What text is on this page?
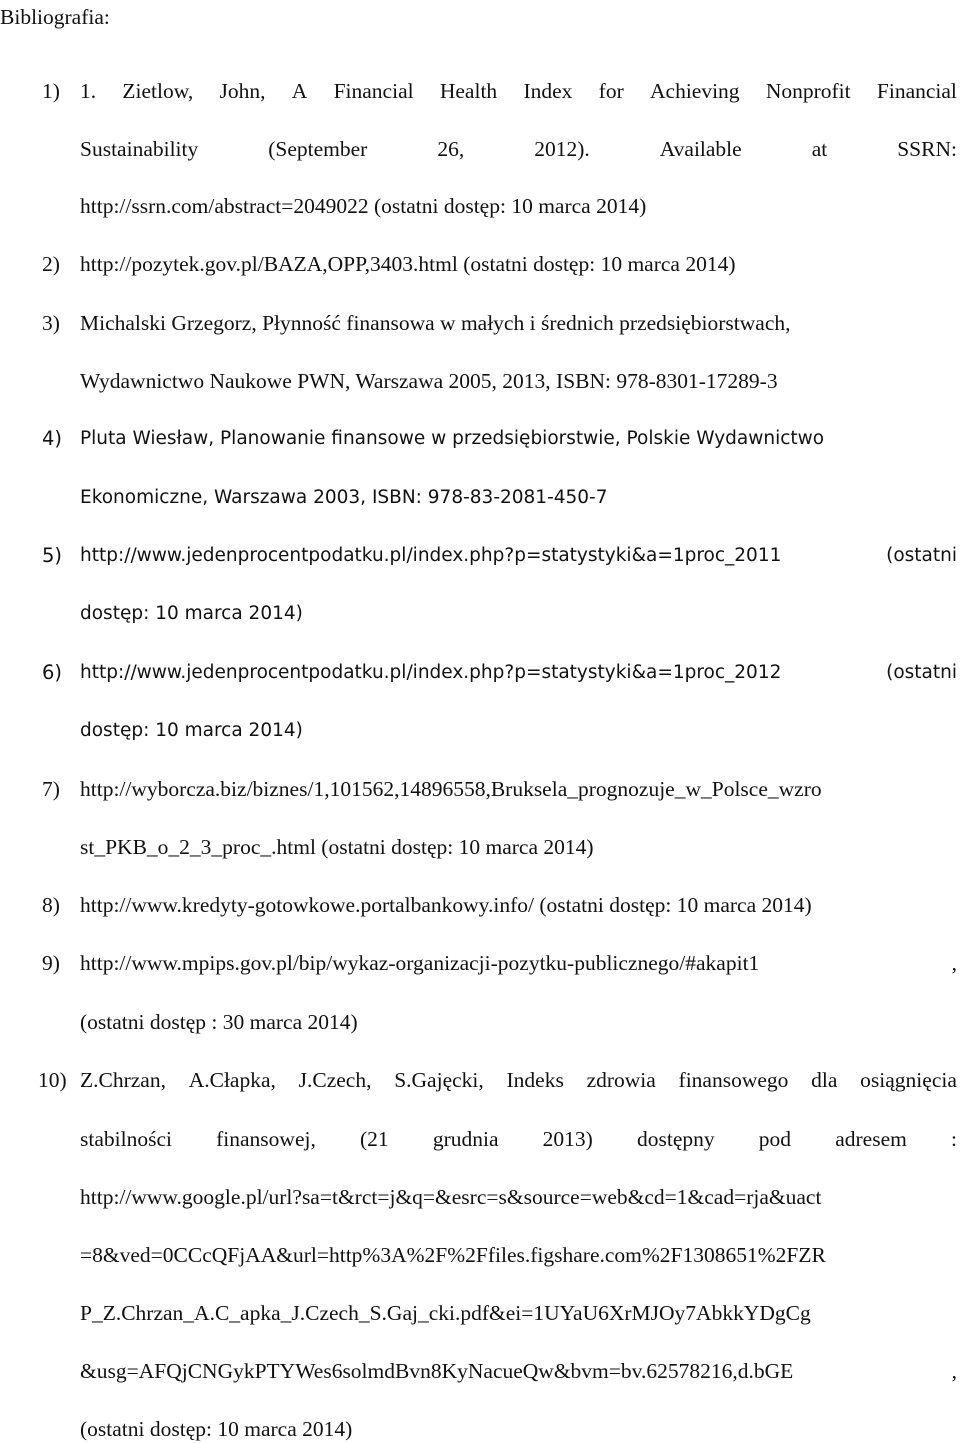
Bibliografia:
1) 1. Zietlow, John, A Financial Health Index for Achieving Nonprofit Financial
Sustainability	(September	26,	2012).	Available	at	SSRN:
http://ssrn.com/abstract=2049022 (ostatni dostęp: 10 marca 2014)
2) http://pozytek.gov.pl/BAZA,OPP,3403.html (ostatni dostęp: 10 marca 2014)
3) Michalski Grzegorz, Płynność finansowa w małych i średnich przedsiębiorstwach,
Wydawnictwo Naukowe PWN, Warszawa 2005, 2013, ISBN: 978-8301-17289-3
4) Pluta Wiesław, Planowanie finansowe w przedsiębiorstwie, Polskie Wydawnictwo
Ekonomiczne, Warszawa 2003, ISBN: 978-83-2081-450-7
5) http://www.jedenprocentpodatku.pl/index.php?p=statystyki&a=1proc_2011	(ostatni
dostęp: 10 marca 2014)
6) http://www.jedenprocentpodatku.pl/index.php?p=statystyki&a=1proc_2012	(ostatni
dostęp: 10 marca 2014)
7) http://wyborcza.biz/biznes/1,101562,14896558,Bruksela_prognozuje_w_Polsce_wzro
st_PKB_o_2_3_proc_.html (ostatni dostęp: 10 marca 2014)
8) http://www.kredyty-gotowkowe.portalbankowy.info/ (ostatni dostęp: 10 marca 2014)
9) http://www.mpips.gov.pl/bip/wykaz-organizacji-pozytku-publicznego/#akapit1	,
(ostatni dostęp : 30 marca 2014)
10) Z.Chrzan, A.Cłapka, J.Czech, S.Gajęcki, Indeks zdrowia finansowego dla osiągnięcia
stabilności finansowej, (21 grudnia 2013) dostępny pod adresem :
http://www.google.pl/url?sa=t&rct=j&q=&esrc=s&source=web&cd=1&cad=rja&uact
=8&ved=0CCcQFjAA&url=http%3A%2F%2Ffiles.figshare.com%2F1308651%2FZR
P_Z.Chrzan_A.C_apka_J.Czech_S.Gaj_cki.pdf&ei=1UYaU6XrMJOy7AbkkYDgCg
&usg=AFQjCNGykPTYWes6solmdBvn8KyNacueQw&bvm=bv.62578216,d.bGE	,
(ostatni dostęp: 10 marca 2014)
